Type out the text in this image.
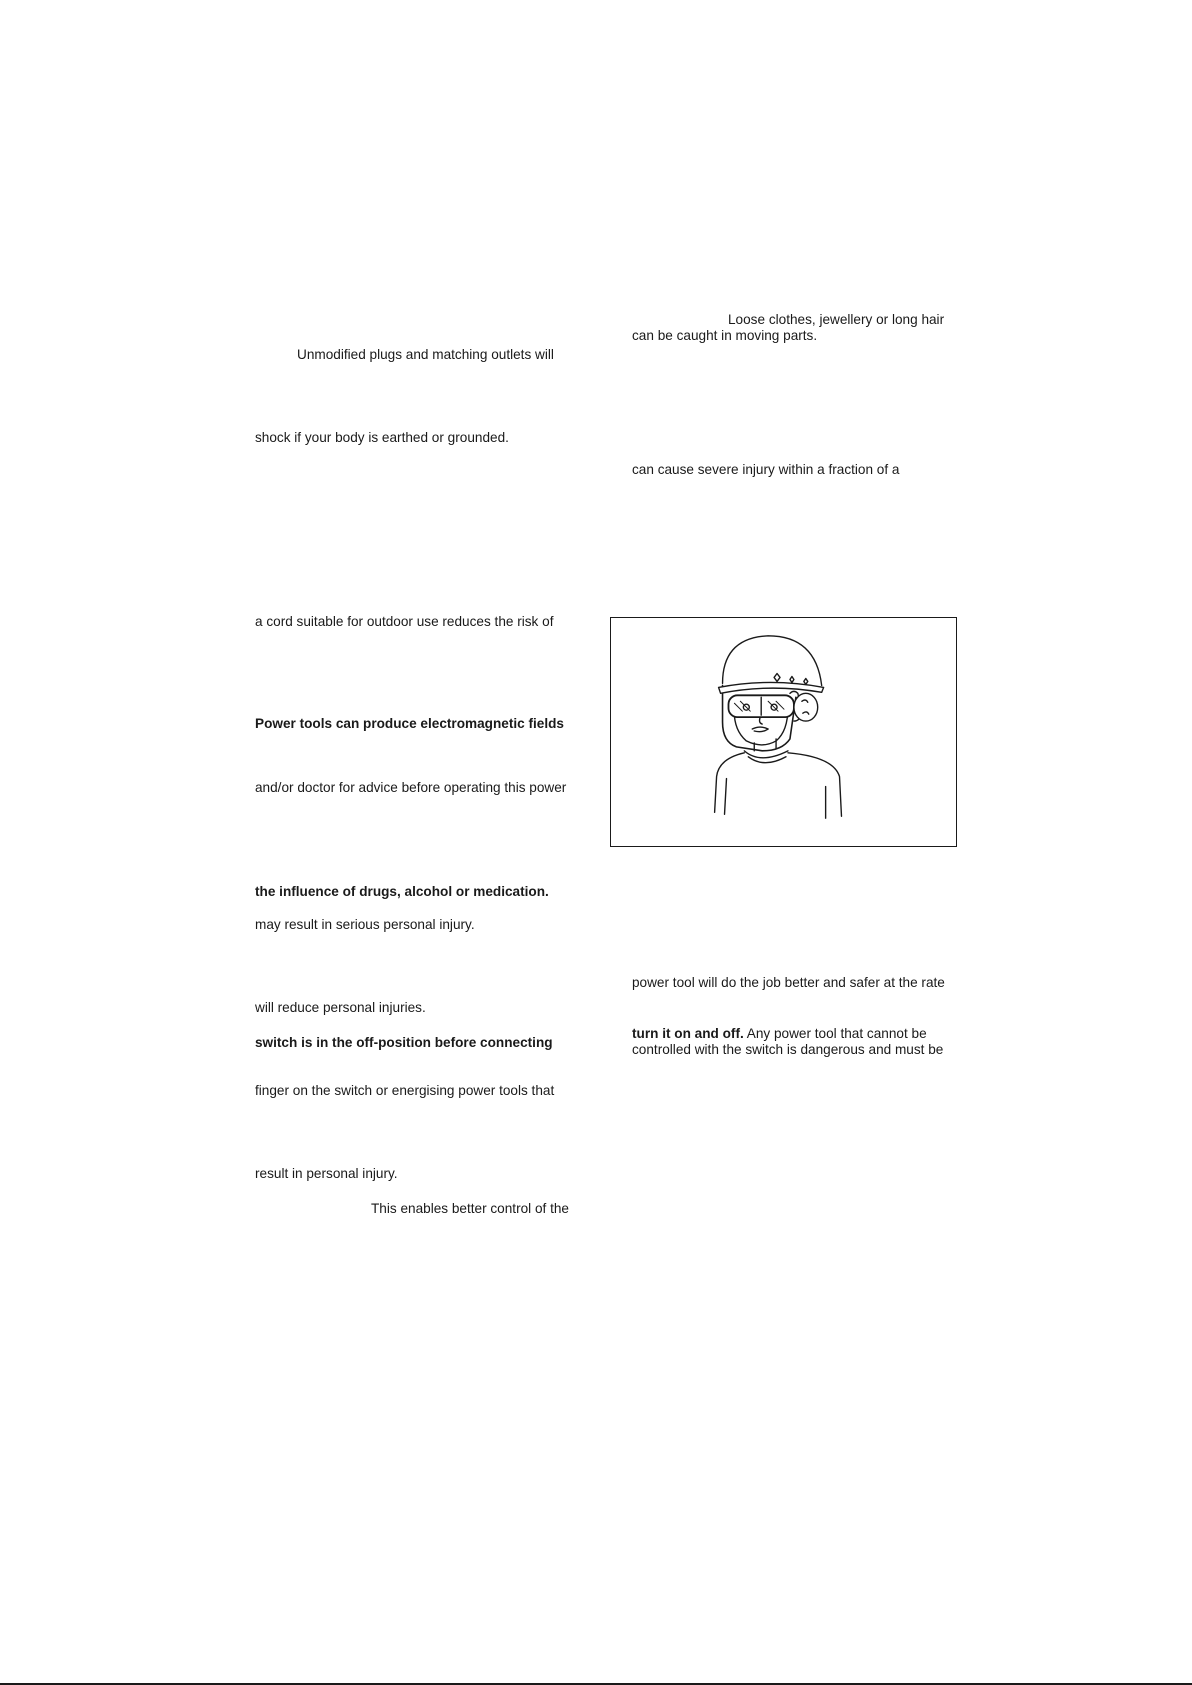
Unmodified plugs and matching outlets will

shock if your body is earthed or grounded.

a cord suitable for outdoor use reduces the risk of

Power tools can produce electromagnetic fields

and/or doctor for advice before operating this power

the influence of drugs, alcohol or medication.

may result in serious personal injury.

will reduce personal injuries.

switch is in the off-position before connecting

finger on the switch or energising power tools that

result in personal injury.

This enables better control of the

Loose clothes, jewellery or long hair

can be caught in moving parts.

can cause severe injury within a fraction of a

power tool will do the job better and safer at the rate

turn it on and off. Any power tool that cannot be

controlled with the switch is dangerous and must be
